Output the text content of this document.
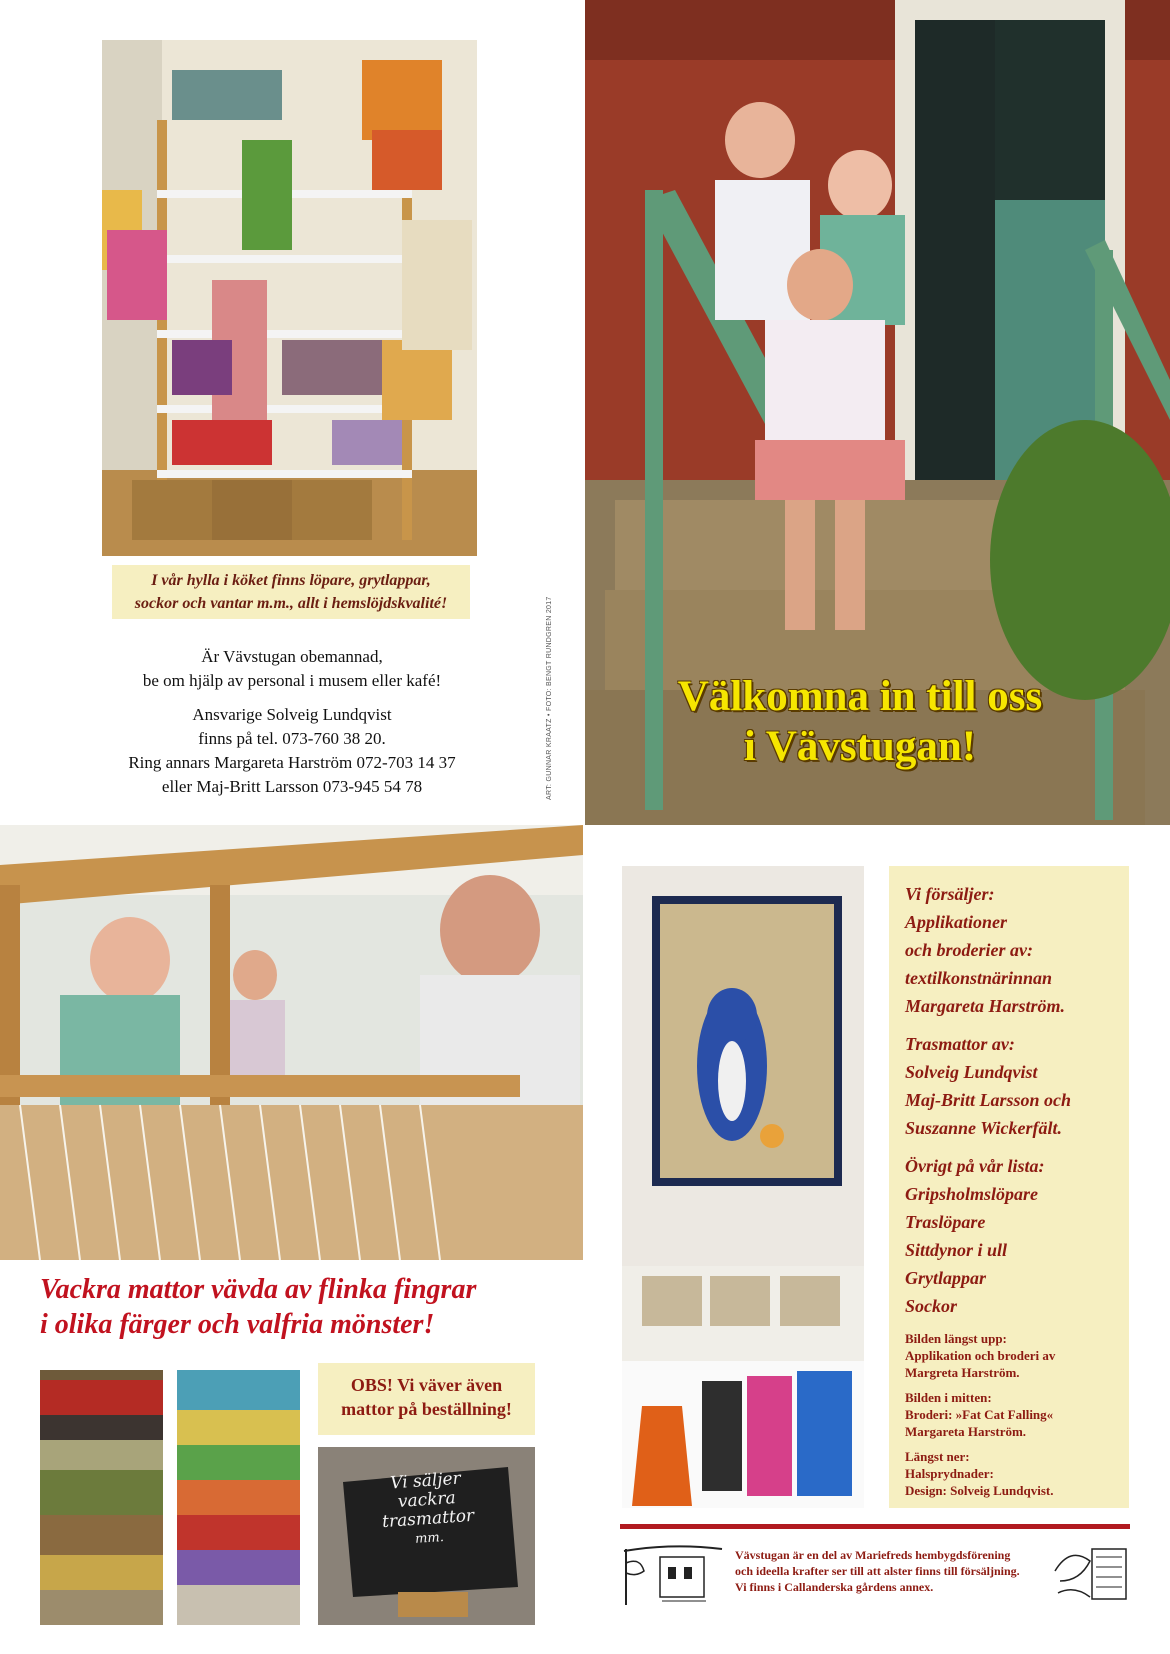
I vår hylla i köket finns löpare, grytlappar,
sockor och vantar m.m., allt i hemslöjdskvalité!

Är Vävstugan obemannad,

be om hjälp av personal i musem eller kafé!

Ansvarige Solveig Lundqvist

finns på tel. 073-760 38 20.

Ring annars Margareta Harström 072-703 14 37

eller Maj-Britt Larsson 073-945 54 78	ART: GUNNAR KRAATZ • FOTO: BENGT RUNDGREN 2017	Välkomna in till oss
i Vävstugan!
Vackra mattor vävda av flinka fingrar
i olika färger och valfria mönster!
OBS! Vi väver även
mattor på beställning!
Vi säljer
vackra
trasmattor
mm.
Vi försäljer:
Applikationer
och broderier av:
textilkonstnärinnan
Margareta Harström.
Trasmattor av:
Solveig Lundqvist
Maj-Britt Larsson och
Suszanne Wickerfält.
Övrigt på vår lista:
Gripsholmslöpare
Traslöpare
Sittdynor i ull
Grytlappar
Sockor
Bilden längst upp:
Applikation och broderi av
Margreta Harström.
Bilden i mitten:
Broderi: »Fat Cat Falling«
Margareta Harström.
Längst ner:
Halsprydnader:
Design: Solveig Lundqvist.
Vävstugan är en del av Mariefreds hembygdsförening
och ideella krafter ser till att alster finns till försäljning.
Vi finns i Callanderska gårdens annex.
